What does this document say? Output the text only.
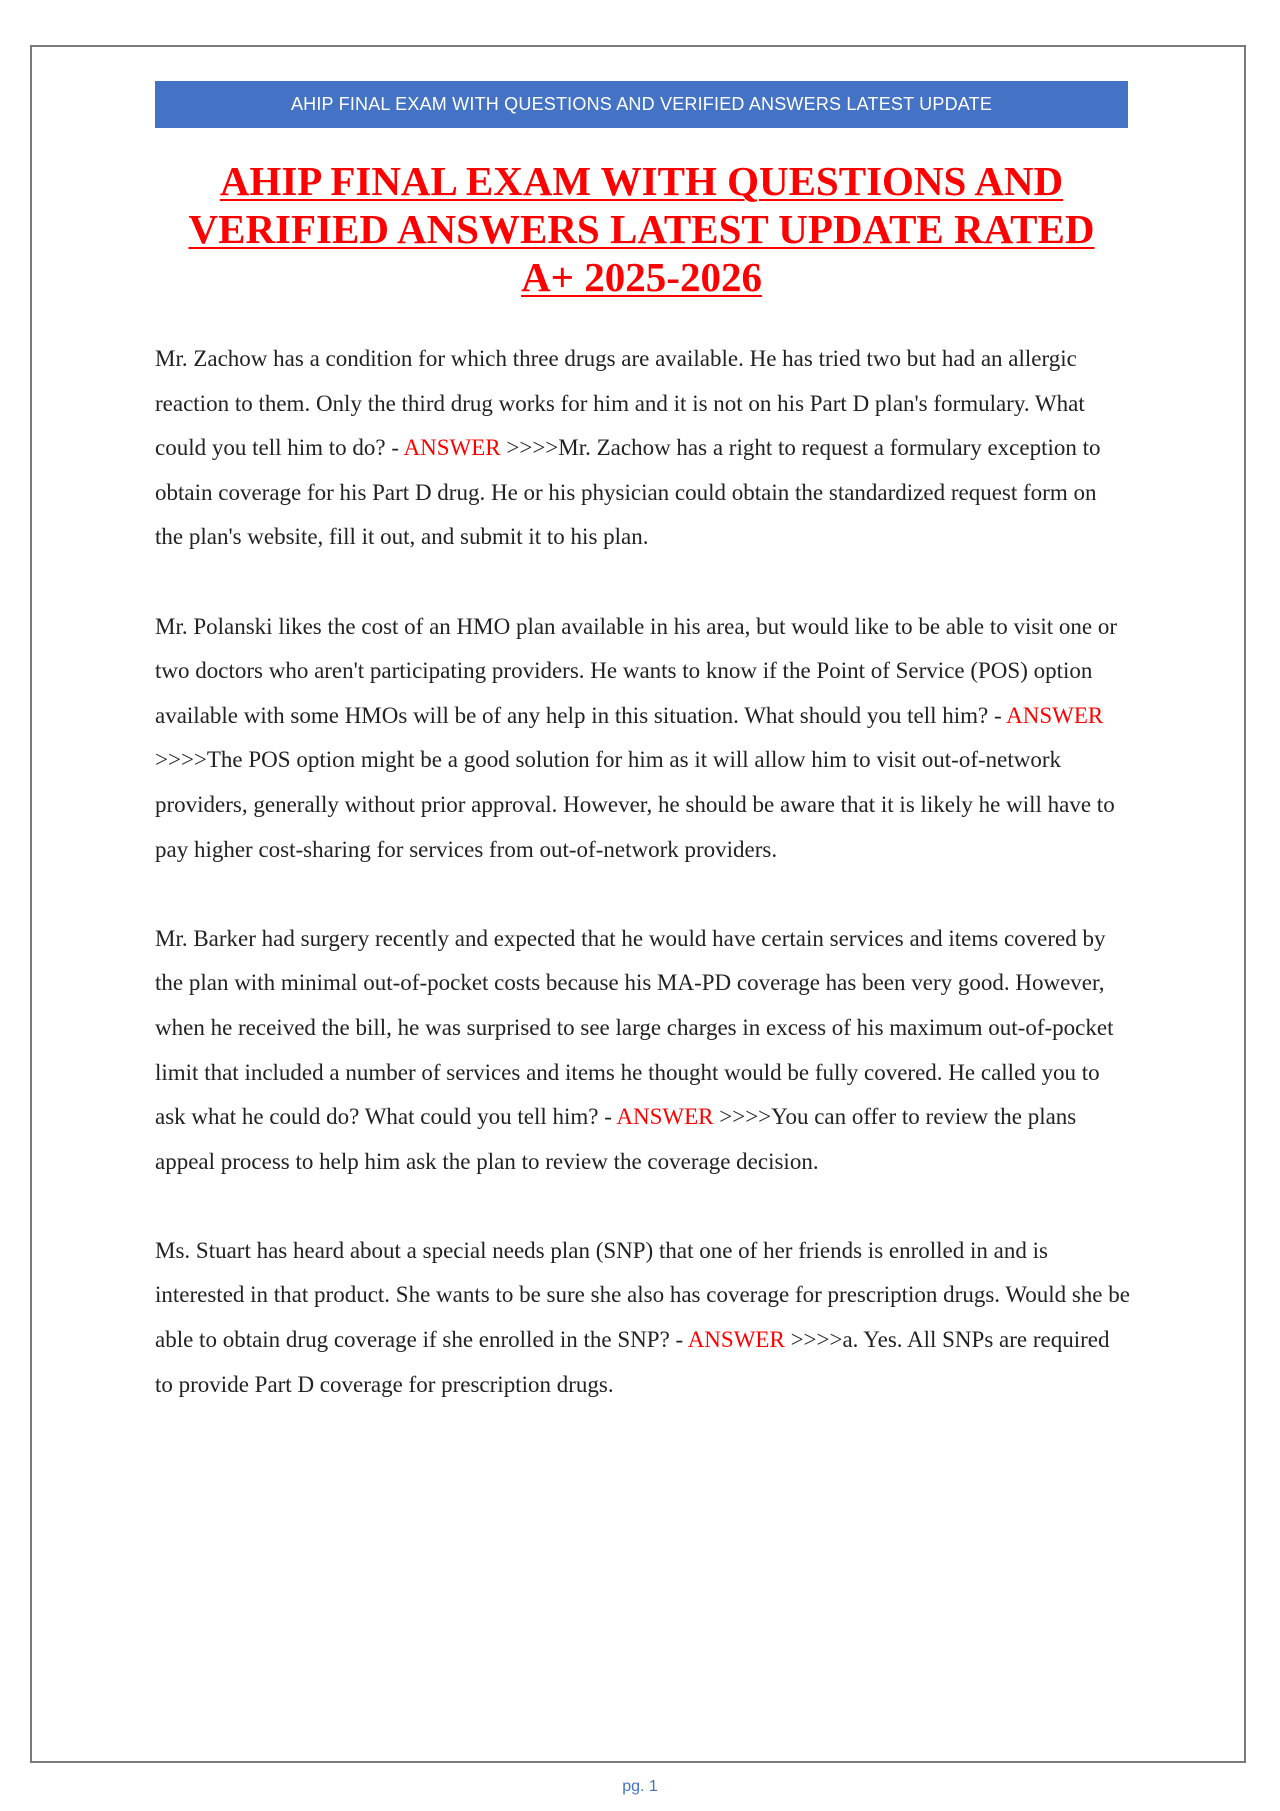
AHIP FINAL EXAM WITH QUESTIONS AND VERIFIED ANSWERS LATEST UPDATE
AHIP FINAL EXAM WITH QUESTIONS AND
VERIFIED ANSWERS LATEST UPDATE RATED
A+ 2025-2026

Mr. Zachow has a condition for which three drugs are available. He has tried two but had an allergic reaction to them. Only the third drug works for him and it is not on his Part D plan's formulary. What could you tell him to do? - ANSWER >>>>Mr. Zachow has a right to request a formulary exception to obtain coverage for his Part D drug. He or his physician could obtain the standardized request form on the plan's website, fill it out, and submit it to his plan.

Mr. Polanski likes the cost of an HMO plan available in his area, but would like to be able to visit one or two doctors who aren't participating providers. He wants to know if the Point of Service (POS) option available with some HMOs will be of any help in this situation. What should you tell him? - ANSWER >>>>The POS option might be a good solution for him as it will allow him to visit out-of-network providers, generally without prior approval. However, he should be aware that it is likely he will have to pay higher cost-sharing for services from out-of-network providers.

Mr. Barker had surgery recently and expected that he would have certain services and items covered by the plan with minimal out-of-pocket costs because his MA-PD coverage has been very good. However, when he received the bill, he was surprised to see large charges in excess of his maximum out-of-pocket limit that included a number of services and items he thought would be fully covered. He called you to ask what he could do? What could you tell him? - ANSWER >>>>You can offer to review the plans appeal process to help him ask the plan to review the coverage decision.

Ms. Stuart has heard about a special needs plan (SNP) that one of her friends is enrolled in and is interested in that product. She wants to be sure she also has coverage for prescription drugs. Would she be able to obtain drug coverage if she enrolled in the SNP? - ANSWER >>>>a. Yes. All SNPs are required to provide Part D coverage for prescription drugs.

pg. 1
